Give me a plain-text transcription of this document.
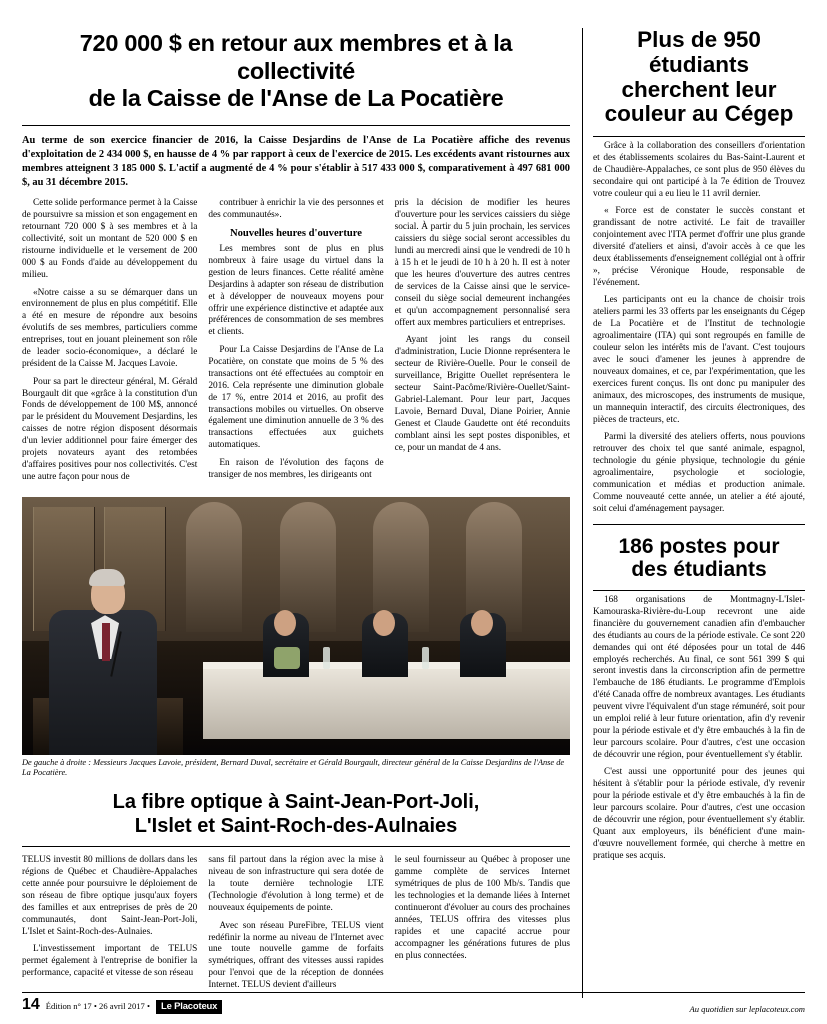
720 000 $ en retour aux membres et à la collectivité
de la Caisse de l'Anse de La Pocatière

Au terme de son exercice financier de 2016, la Caisse Desjardins de l'Anse de La Pocatière affiche des revenus d'exploitation de 2 434 000 $, en hausse de 4 % par rapport à ceux de l'exercice de 2015. Les excédents avant ristournes aux membres atteignent 3 185 000 $. L'actif a augmenté de 4 % pour s'établir à 517 433 000 $, comparativement à 497 681 000 $, au 31 décembre 2015.

Cette solide performance permet à la Caisse de poursuivre sa mission et son engagement en retournant 720 000 $ à ses membres et à la collectivité, soit un montant de 520 000 $ en ristourne individuelle et le versement de 200 000 $ au Fonds d'aide au développement du milieu.

«Notre caisse a su se démarquer dans un environnement de plus en plus compétitif. Elle a été en mesure de répondre aux besoins évolutifs de ses membres, particuliers comme entreprises, tout en jouant pleinement son rôle de leader socio-économique», a déclaré le président de la Caisse M. Jacques Lavoie.

Pour sa part le directeur général, M. Gérald Bourgault dit que «grâce à la constitution d'un Fonds de développement de 100 M$, annoncé par le président du Mouvement Desjardins, les caisses de notre région disposent désormais d'un levier additionnel pour faire émerger des projets novateurs ayant des retombées d'affaires positives pour nos collectivités. C'est une autre façon pour nous de

contribuer à enrichir la vie des personnes et des communautés».

Nouvelles heures d'ouverture

Les membres sont de plus en plus nombreux à faire usage du virtuel dans la gestion de leurs finances. Cette réalité amène Desjardins à adapter son réseau de distribution et à développer de nouveaux moyens pour offrir une expérience distinctive et adaptée aux préférences de consommation de ses membres et clients.

Pour La Caisse Desjardins de l'Anse de La Pocatière, on constate que moins de 5 % des transactions ont été effectuées au comptoir en 2016. Cela représente une diminution globale de 17 %, entre 2014 et 2016, au profit des transactions mobiles ou virtuelles. On observe également une diminution annuelle de 3 % des transactions effectuées aux guichets automatiques.

En raison de l'évolution des façons de transiger de nos membres, les dirigeants ont

pris la décision de modifier les heures d'ouverture pour les services caissiers du siège social. À partir du 5 juin prochain, les services caissiers du siège social seront accessibles du lundi au mercredi ainsi que le vendredi de 10 h à 15 h et le jeudi de 10 h à 20 h. Il est à noter que les heures d'ouverture des autres centres de services de la Caisse ainsi que le service-conseil du siège social demeurent inchangées et qu'un accompagnement personnalisé sera offert aux membres particuliers et entreprises.

Ayant joint les rangs du conseil d'administration, Lucie Dionne représentera le secteur de Rivière-Ouelle. Pour le conseil de surveillance, Brigitte Ouellet représentera le secteur Saint-Pacôme/Rivière-Ouellet/Saint-Gabriel-Lalemant. Pour leur part, Jacques Lavoie, Bernard Duval, Diane Poirier, Annie Genest et Claude Gaudette ont été reconduits comblant ainsi les sept postes disponibles, et ce, pour un mandat de 4 ans.

De gauche à droite : Messieurs Jacques Lavoie, président, Bernard Duval, secrétaire et Gérald Bourgault, directeur général de la Caisse Desjardins de l'Anse de La Pocatière.

La fibre optique à Saint-Jean-Port-Joli,
L'Islet et Saint-Roch-des-Aulnaies

TELUS investit 80 millions de dollars dans les régions de Québec et Chaudière-Appalaches cette année pour poursuivre le déploiement de son réseau de fibre optique jusqu'aux foyers des familles et aux entreprises de près de 20 communautés, dont Saint-Jean-Port-Joli, L'Islet et Saint-Roch-des-Aulnaies.

L'investissement important de TELUS permet également à l'entreprise de bonifier la performance, capacité et vitesse de son réseau

sans fil partout dans la région avec la mise à niveau de son infrastructure qui sera dotée de la toute dernière technologie LTE (Technologie d'évolution à long terme) et de nouveaux équipements de pointe.

Avec son réseau PureFibre, TELUS vient redéfinir la norme au niveau de l'Internet avec une toute nouvelle gamme de forfaits symétriques, offrant des vitesses aussi rapides pour l'envoi que de la réception de données Internet. TELUS devient d'ailleurs

le seul fournisseur au Québec à proposer une gamme complète de services Internet symétriques de plus de 100 Mb/s. Tandis que les technologies et la demande liées à Internet continueront d'évoluer au cours des prochaines années, TELUS offrira des vitesses plus rapides et une capacité accrue pour accompagner les générations futures de plus en plus connectées.

Plus de 950 étudiants cherchent leur couleur au Cégep

Grâce à la collaboration des conseillers d'orientation et des établissements scolaires du Bas-Saint-Laurent et de Chaudière-Appalaches, ce sont plus de 950 élèves du secondaire qui ont participé à la 7e édition de Trouvez votre couleur qui a eu lieu le 11 avril dernier.

« Force est de constater le succès constant et grandissant de notre activité. Le fait de travailler conjointement avec l'ITA permet d'offrir une plus grande diversité d'ateliers et ainsi, d'avoir accès à ce que les deux établissements d'enseignement collégial ont à offrir », précise Véronique Houde, responsable de l'événement.

Les participants ont eu la chance de choisir trois ateliers parmi les 33 offerts par les enseignants du Cégep de La Pocatière et de l'Institut de technologie agroalimentaire (ITA) qui sont regroupés en famille de couleur selon les intérêts mis de l'avant. C'est toujours avec le souci d'amener les jeunes à apprendre de nouveaux domaines, et ce, par l'expérimentation, que les exercices furent conçus. Ils ont donc pu manipuler des animaux, des microscopes, des instruments de musique, un mannequin interactif, des circuits électroniques, des pièces de tracteurs, etc.

Parmi la diversité des ateliers offerts, nous pouvions retrouver des choix tel que santé animale, espagnol, technologie du génie physique, technologie du génie agroalimentaire, psychologie et sociologie, communication et médias et production animale. Comme nouveauté cette année, un atelier a été ajouté, soit celui d'aménagement paysager.

186 postes pour
des étudiants

168 organisations de Montmagny-L'Islet-Kamouraska-Rivière-du-Loup recevront une aide financière du gouvernement canadien afin d'embaucher des étudiants au cours de la période estivale. Ce sont 220 demandes qui ont été déposées pour un total de 446 employés recherchés. Au final, ce sont 561 399 $ qui seront investis dans la circonscription afin de permettre l'embauche de 186 étudiants. Le programme d'Emplois d'été Canada offre de nombreux avantages. Les étudiants peuvent vivre l'équivalent d'un stage rémunéré, soit pour un emploi relié à leur future orientation, afin d'y revenir pour la période estivale et d'y être embauchés à la fin de leur parcours scolaire. Pour d'autres, c'est une occasion de découvrir une région, pour éventuellement s'y établir.

C'est aussi une opportunité pour des jeunes qui hésitent à s'établir pour la période estivale, d'y revenir pour la période estivale et d'y être embauchés à la fin de leur parcours scolaire. Pour d'autres, c'est une occasion de découvrir une région, pour éventuellement s'y établir. Quant aux employeurs, ils bénéficient d'une main-d'œuvre nouvellement formée, qui cherche à mettre en pratique ses acquis.

14 Édition n° 17 • 26 avril 2017 •	Le Placoteux	Au quotidien sur leplacoteux.com
